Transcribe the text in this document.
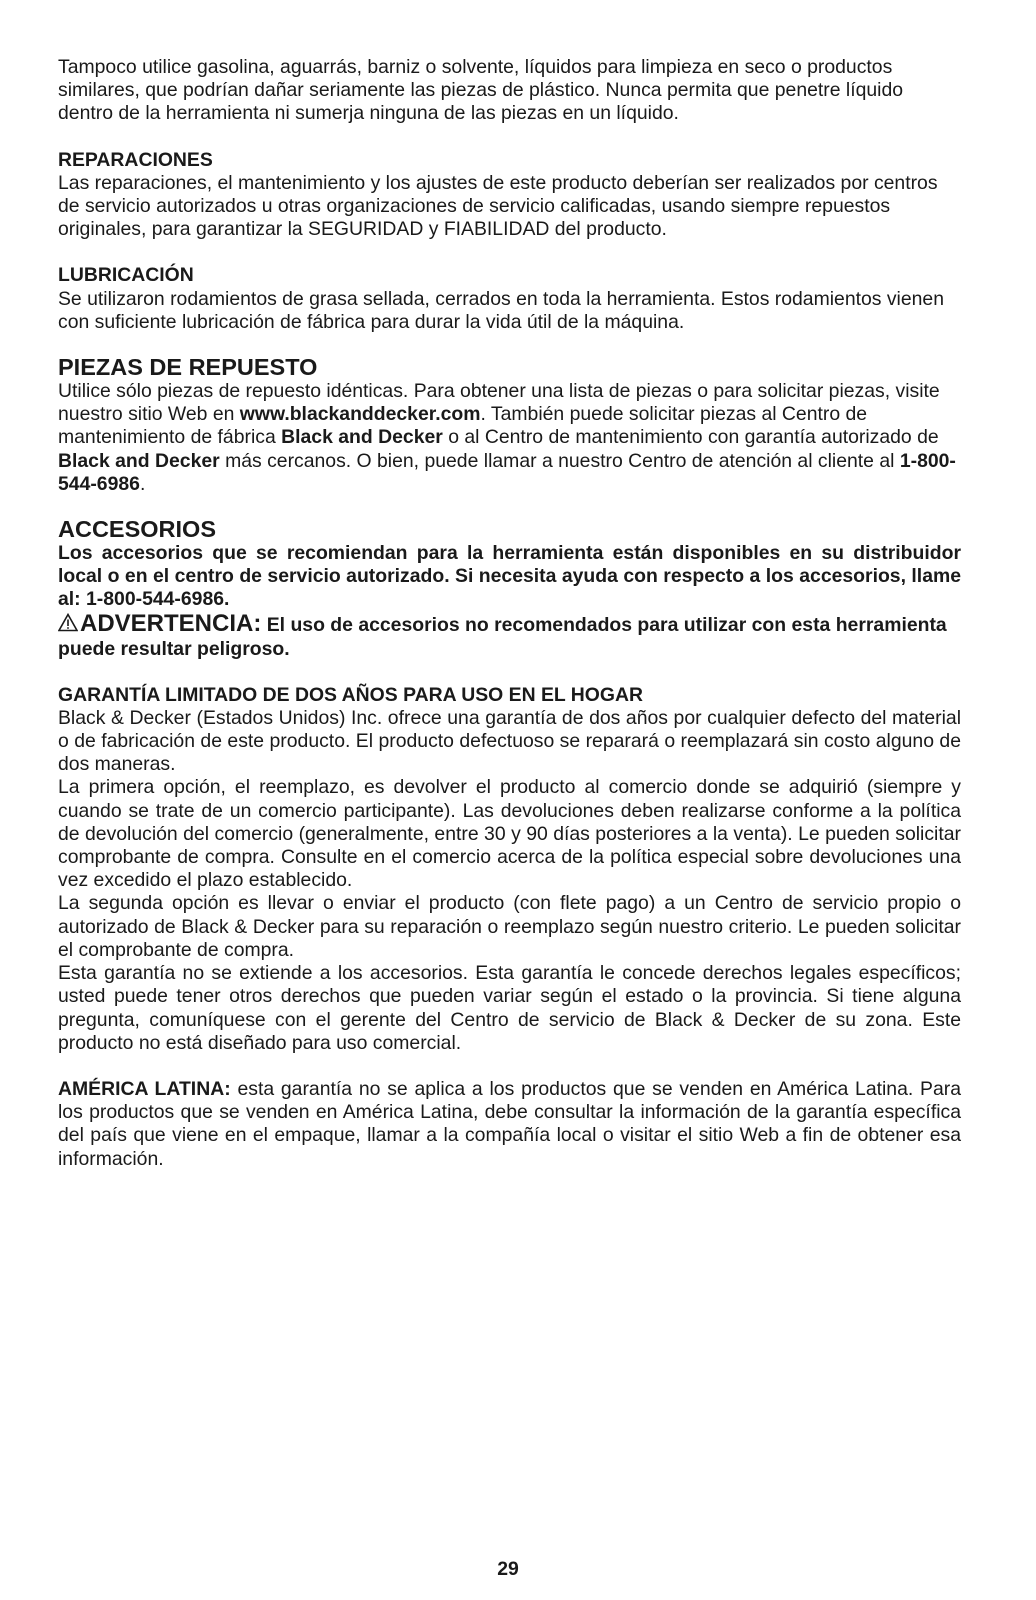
Tampoco utilice gasolina, aguarrás, barniz o solvente, líquidos para limpieza en seco o productos similares, que podrían dañar seriamente las piezas de plástico. Nunca permita que penetre líquido dentro de la herramienta ni sumerja ninguna de las piezas en un líquido.

REPARACIONES

Las reparaciones, el mantenimiento y los ajustes de este producto deberían ser realizados por centros de servicio autorizados u otras organizaciones de servicio calificadas, usando siempre repuestos originales, para garantizar la SEGURIDAD y FIABILIDAD del producto.

LUBRICACIÓN

Se utilizaron rodamientos de grasa sellada, cerrados en toda la herramienta. Estos rodamientos vienen con suficiente lubricación de fábrica para durar la vida útil de la máquina.

PIEZAS DE REPUESTO

Utilice sólo piezas de repuesto idénticas. Para obtener una lista de piezas o para solicitar piezas, visite nuestro sitio Web en www.blackanddecker.com. También puede solicitar piezas al Centro de mantenimiento de fábrica Black and Decker o al Centro de mantenimiento con garantía autorizado de Black and Decker más cercanos. O bien, puede llamar a nuestro Centro de atención al cliente al 1-800-544-6986.

ACCESORIOS

Los accesorios que se recomiendan para la herramienta están disponibles en su distribuidor local o en el centro de servicio autorizado. Si necesita ayuda con respecto a los accesorios, llame al: 1-800-544-6986.

ADVERTENCIA: El uso de accesorios no recomendados para utilizar con esta herramienta puede resultar peligroso.

GARANTÍA LIMITADO DE DOS AÑOS PARA USO EN EL HOGAR

Black & Decker (Estados Unidos) Inc. ofrece una garantía de dos años por cualquier defecto del material o de fabricación de este producto. El producto defectuoso se reparará o reemplazará sin costo alguno de dos maneras.

La primera opción, el reemplazo, es devolver el producto al comercio donde se adquirió (siempre y cuando se trate de un comercio participante). Las devoluciones deben realizarse conforme a la política de devolución del comercio (generalmente, entre 30 y 90 días posteriores a la venta). Le pueden solicitar comprobante de compra. Consulte en el comercio acerca de la política especial sobre devoluciones una vez excedido el plazo establecido.

La segunda opción es llevar o enviar el producto (con flete pago) a un Centro de servicio propio o autorizado de Black & Decker para su reparación o reemplazo según nuestro criterio. Le pueden solicitar el comprobante de compra.

Esta garantía no se extiende a los accesorios. Esta garantía le concede derechos legales específicos; usted puede tener otros derechos que pueden variar según el estado o la provincia. Si tiene alguna pregunta, comuníquese con el gerente del Centro de servicio de Black & Decker de su zona. Este producto no está diseñado para uso comercial.

AMÉRICA LATINA: esta garantía no se aplica a los productos que se venden en América Latina. Para los productos que se venden en América Latina, debe consultar la información de la garantía específica del país que viene en el empaque, llamar a la compañía local o visitar el sitio Web a fin de obtener esa información.

29
